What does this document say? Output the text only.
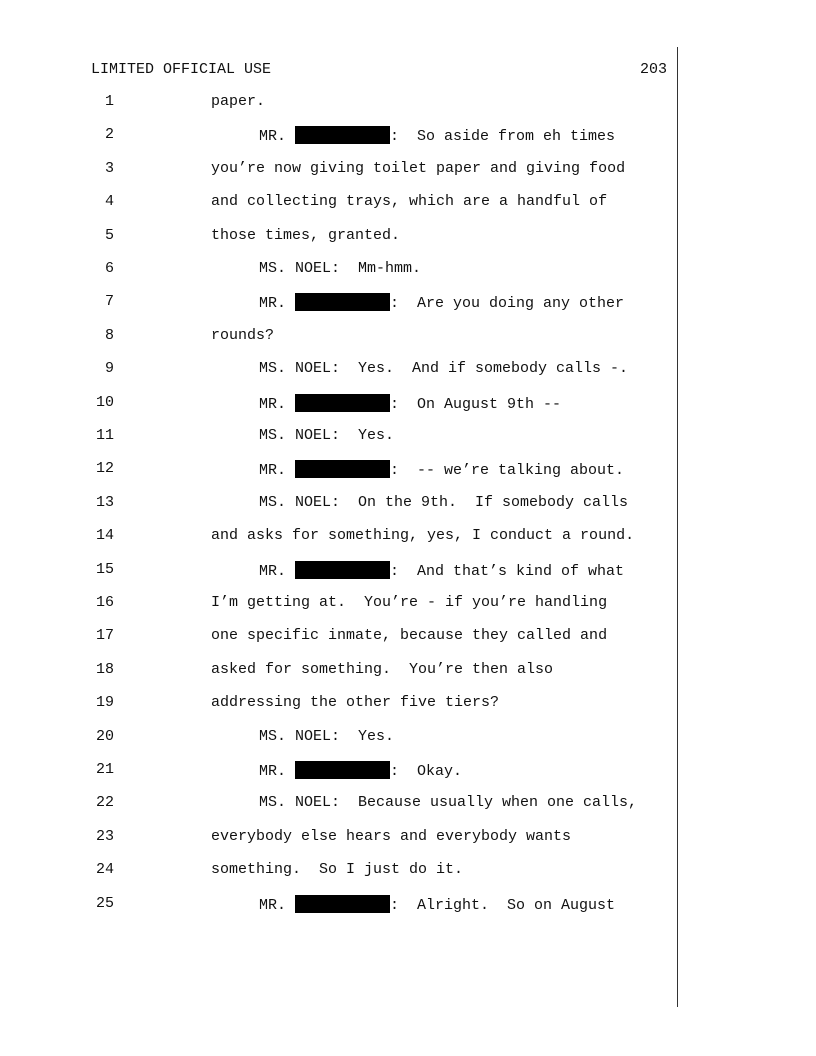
LIMITED OFFICIAL USE	203
1	paper.
2	MR.	:  So aside from eh times
3	you’re now giving toilet paper and giving food
4	and collecting trays, which are a handful of
5	those times, granted.
6	MS. NOEL:  Mm-hmm.
7	MR.	:  Are you doing any other
8	rounds?
9	MS. NOEL:  Yes.  And if somebody calls -.
10	MR.	:  On August 9th --
11	MS. NOEL:  Yes.
12	MR.	:  -- we’re talking about.
13	MS. NOEL:  On the 9th.  If somebody calls
14	and asks for something, yes, I conduct a round.
15	MR.	:  And that’s kind of what
16	I’m getting at.  You’re - if you’re handling
17	one specific inmate, because they called and
18	asked for something.  You’re then also
19	addressing the other five tiers?
20	MS. NOEL:  Yes.
21	MR.	:  Okay.
22	MS. NOEL:  Because usually when one calls,
23	everybody else hears and everybody wants
24	something.  So I just do it.
25	MR.	:  Alright.  So on August
